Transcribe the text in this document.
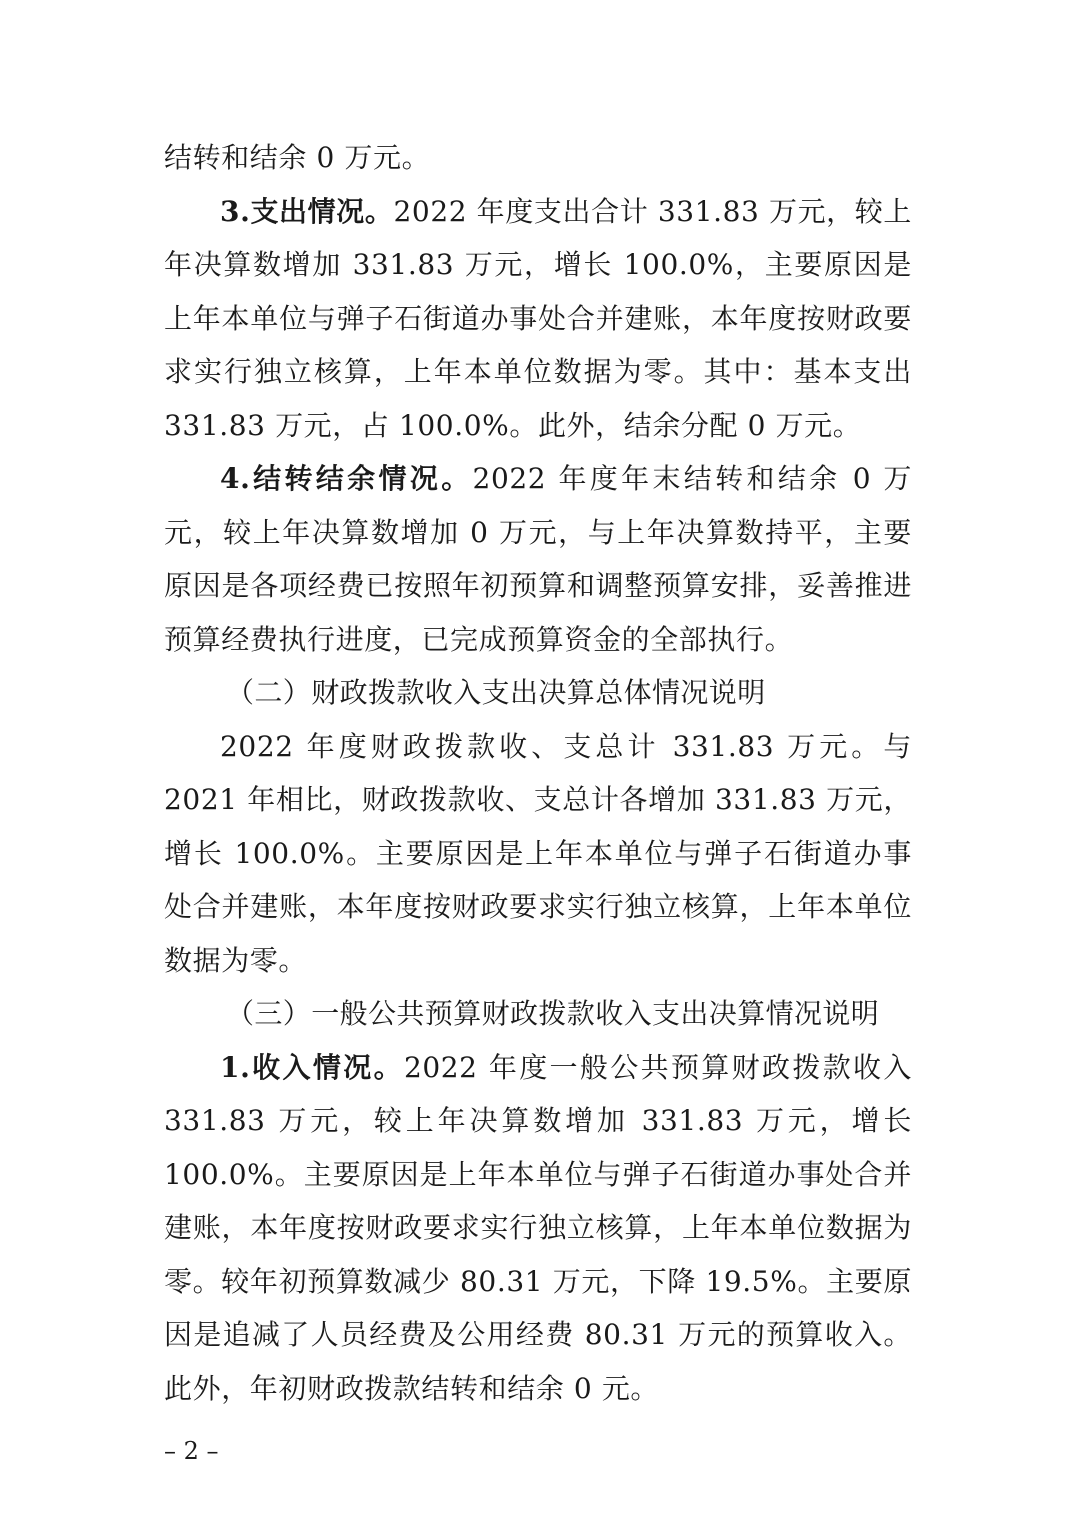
结转和结余 0 万元。

3.支出情况。2022 年度支出合计 331.83 万元，较上年决算数增加 331.83 万元，增长 100.0%，主要原因是上年本单位与弹子石街道办事处合并建账，本年度按财政要求实行独立核算，上年本单位数据为零。其中：基本支出 331.83 万元，占 100.0%。此外，结余分配 0 万元。

4.结转结余情况。2022 年度年末结转和结余 0 万元，较上年决算数增加 0 万元，与上年决算数持平，主要原因是各项经费已按照年初预算和调整预算安排，妥善推进预算经费执行进度，已完成预算资金的全部执行。

（二）财政拨款收入支出决算总体情况说明

2022 年度财政拨款收、支总计 331.83 万元。与 2021 年相比，财政拨款收、支总计各增加 331.83 万元，增长 100.0%。主要原因是上年本单位与弹子石街道办事处合并建账，本年度按财政要求实行独立核算，上年本单位数据为零。

（三）一般公共预算财政拨款收入支出决算情况说明

1.收入情况。2022 年度一般公共预算财政拨款收入 331.83 万元，较上年决算数增加 331.83 万元，增长 100.0%。主要原因是上年本单位与弹子石街道办事处合并建账，本年度按财政要求实行独立核算，上年本单位数据为零。较年初预算数减少 80.31 万元，下降 19.5%。主要原因是追减了人员经费及公用经费 80.31 万元的预算收入。此外，年初财政拨款结转和结余 0 元。

– 2 –
